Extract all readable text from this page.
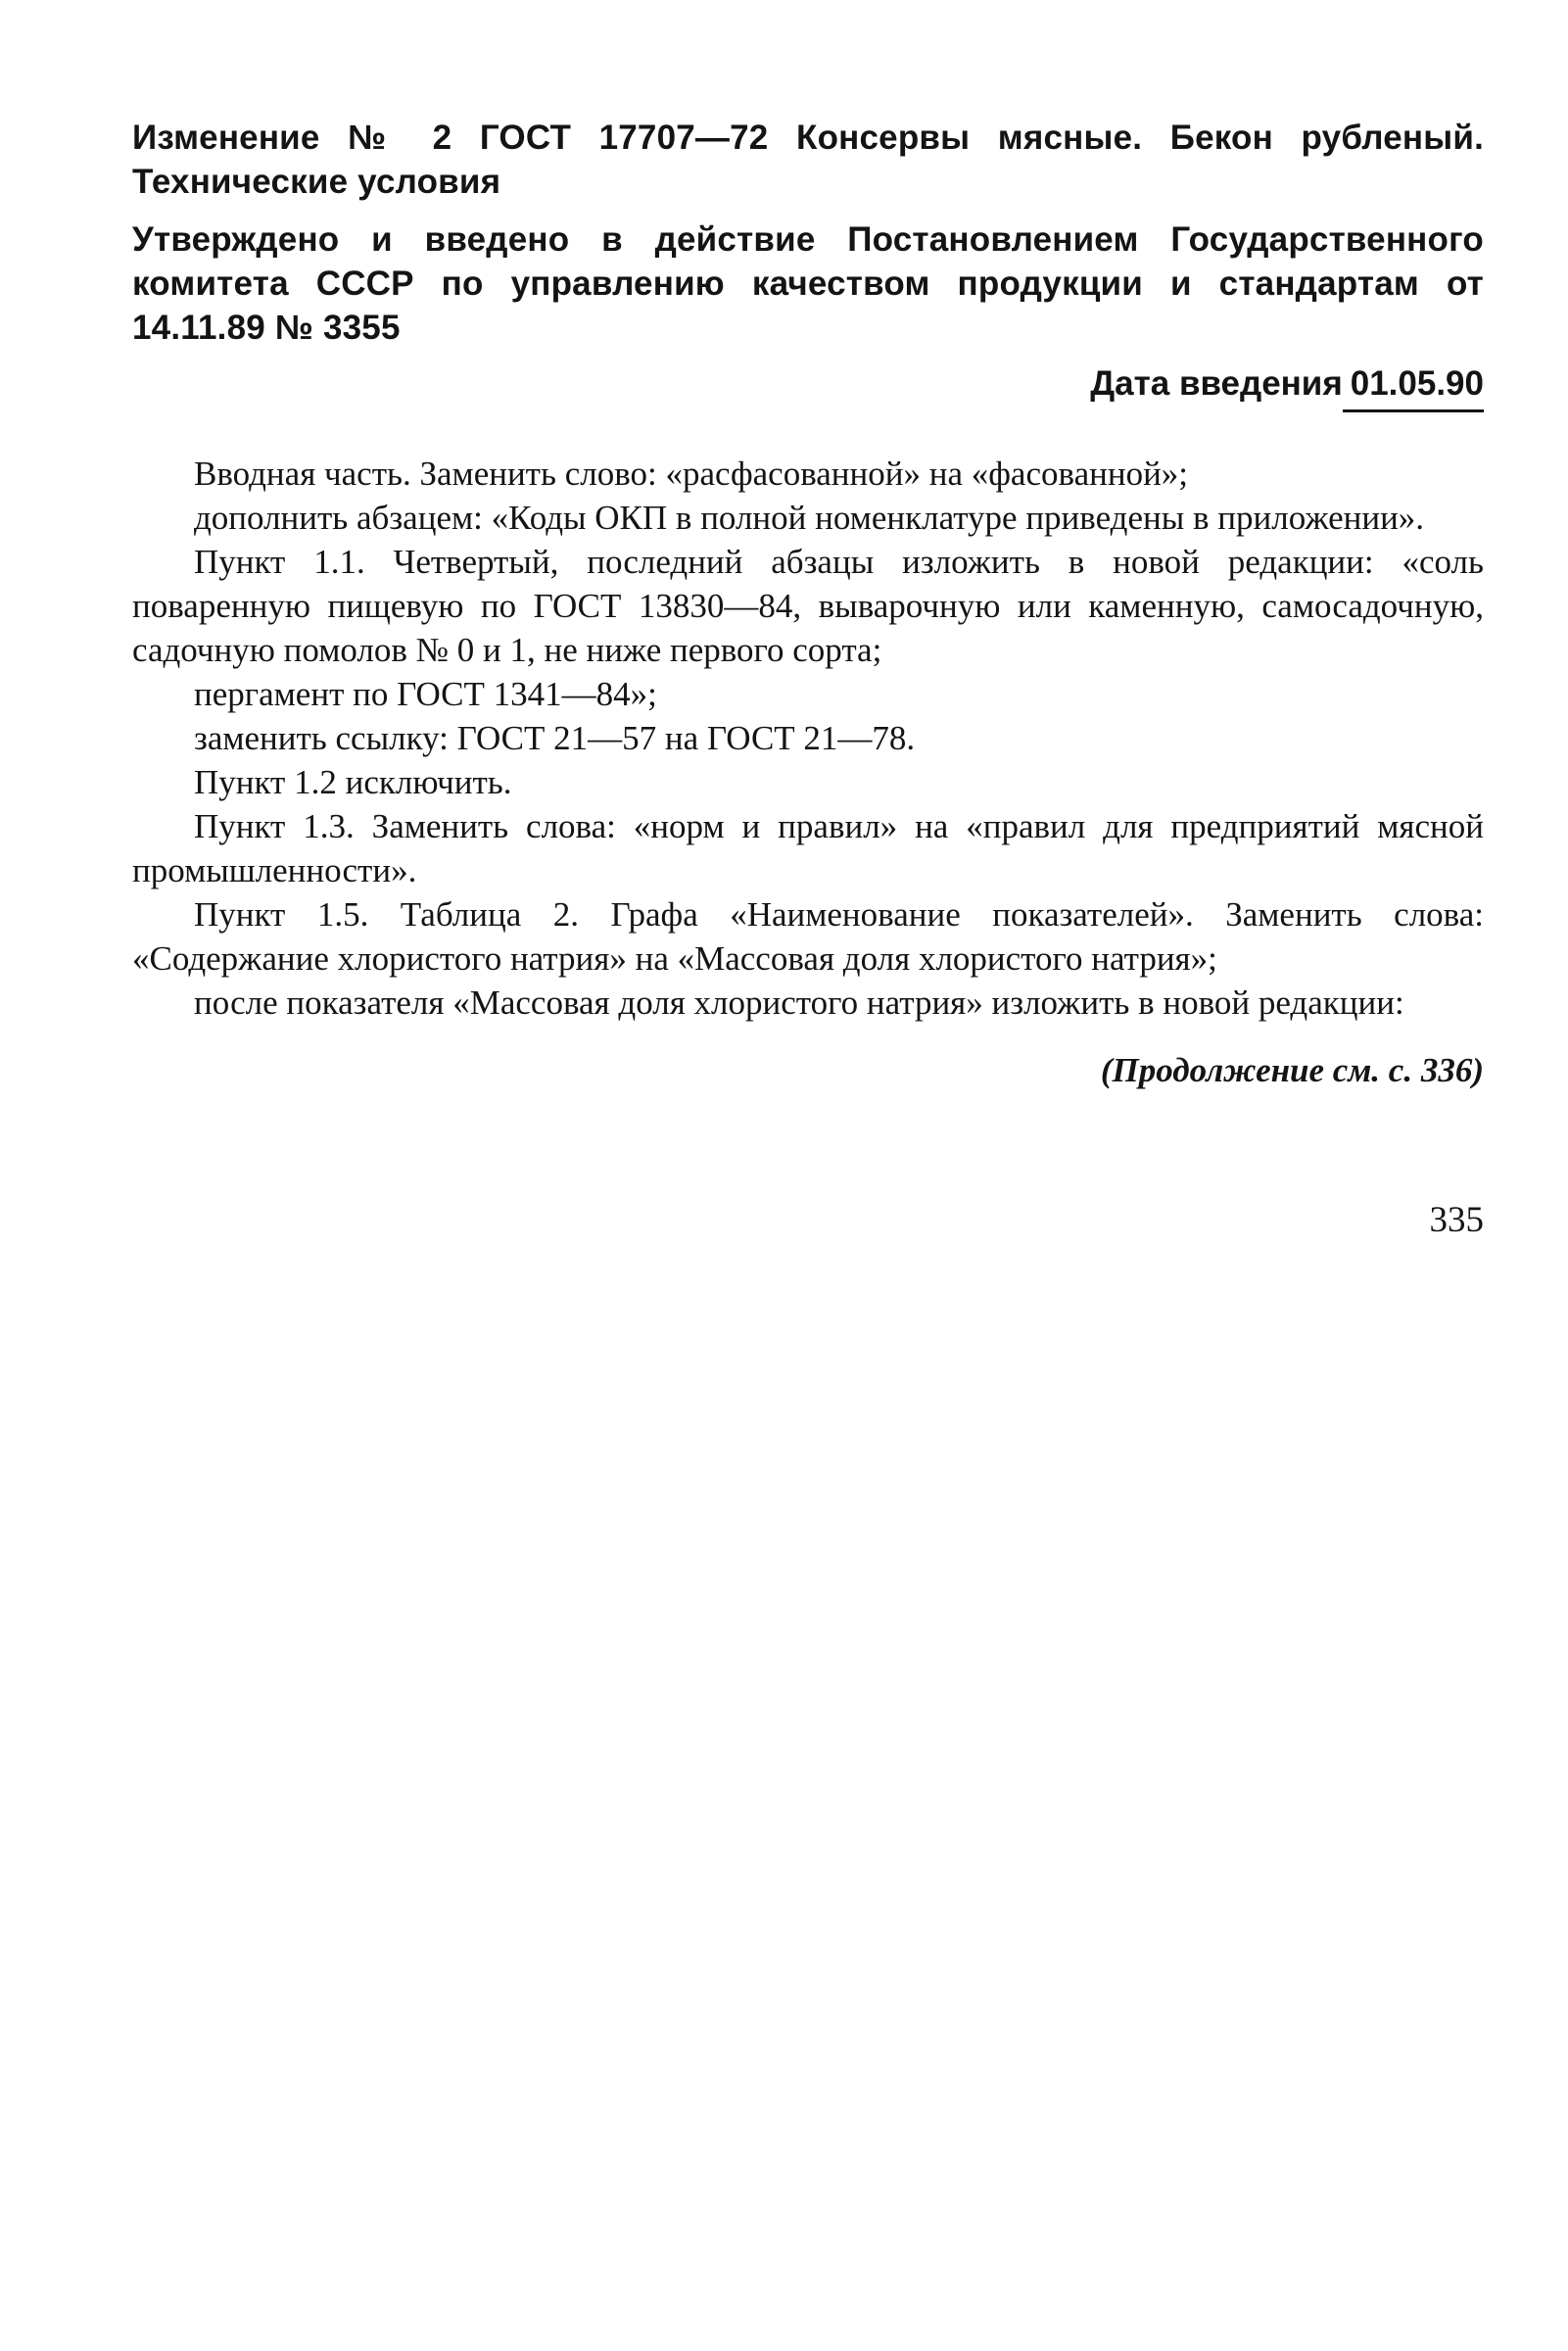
Изменение № 2 ГОСТ 17707—72 Консервы мясные. Бекон рубленый. Технические условия

Утверждено и введено в действие Постановлением Государственного комитета СССР по управлению качеством продукции и стандартам от 14.11.89 № 3355

Дата введения 01.05.90

Вводная часть. Заменить слово: «расфасованной» на «фасованной»;

дополнить абзацем: «Коды ОКП в полной номенклатуре приведены в приложении».

Пункт 1.1. Четвертый, последний абзацы изложить в новой редакции: «соль поваренную пищевую по ГОСТ 13830—84, выварочную или каменную, самосадочную, садочную помолов № 0 и 1, не ниже первого сорта;

пергамент по ГОСТ 1341—84»;

заменить ссылку: ГОСТ 21—57 на ГОСТ 21—78.

Пункт 1.2 исключить.

Пункт 1.3. Заменить слова: «норм и правил» на «правил для предприятий мясной промышленности».

Пункт 1.5. Таблица 2. Графа «Наименование показателей». Заменить слова: «Содержание хлористого натрия» на «Массовая доля хлористого натрия»;

после показателя «Массовая доля хлористого натрия» изложить в новой редакции:

(Продолжение см. с. 336)
335
